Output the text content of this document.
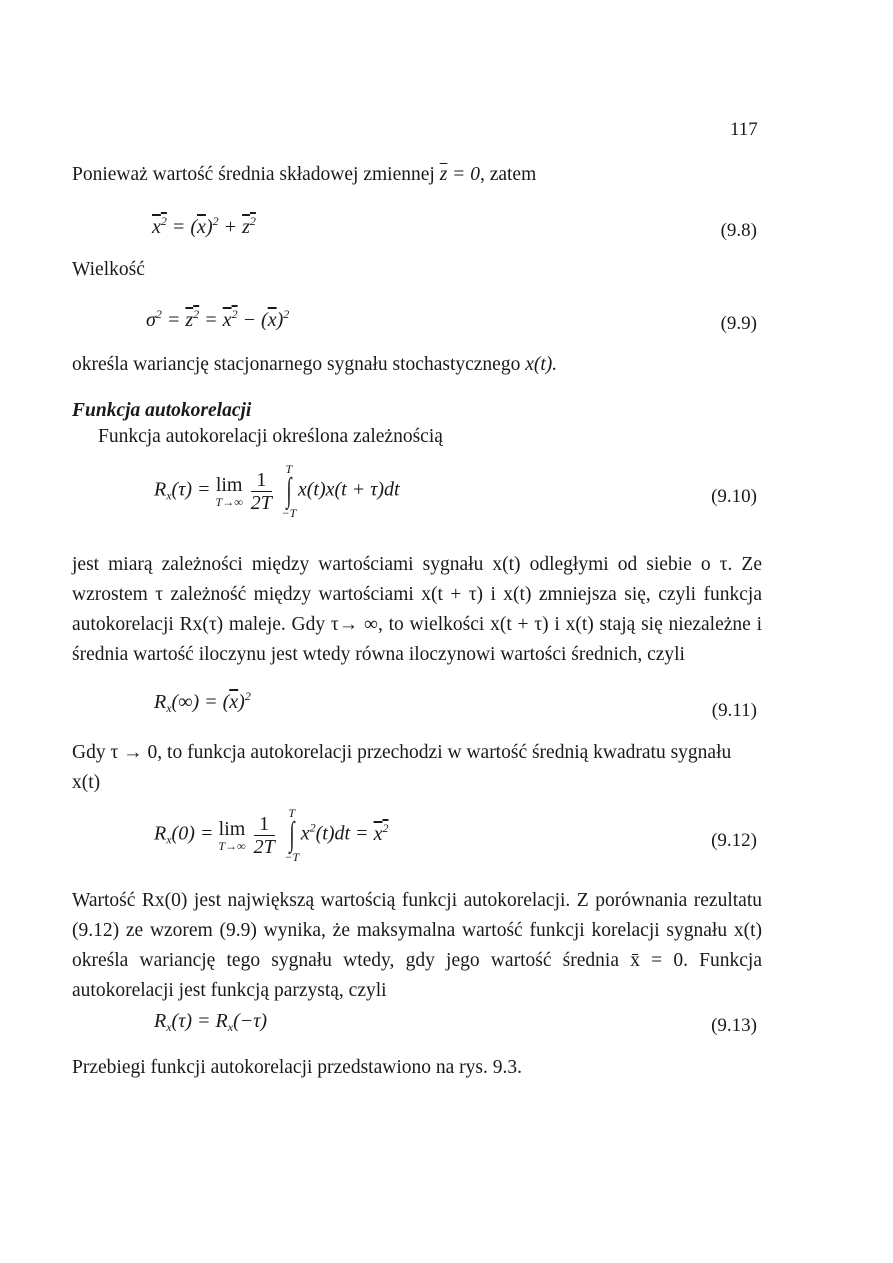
117

Ponieważ wartość średnia składowej zmiennej $\overline{z} = 0$, zatem

$x^2 = (\overline{x})^2 + z^2$	(9.8)

Wielkość

$\sigma^2 = z^2 = x^2 - (\overline{x})^2$	(9.9)

określa wariancję stacjonarnego sygnału stochastycznego x(t).

Funkcja autokorelacji

Funkcja autokorelacji określona zależnością

$R_x(\tau) = \lim$
T→∞
$\frac{1}{2T}$
	T
∫
−T
x(t)x(t + τ)dt	(9.10)

jest miarą zależności między wartościami sygnału x(t) odległymi od siebie o τ. Ze wzrostem τ zależność między wartościami x(t + τ) i x(t) zmniejsza się, czyli funkcja autokorelacji Rx(τ) maleje. Gdy τ→ ∞, to wielkości x(t + τ) i x(t) stają się niezależne i średnia wartość iloczynu jest wtedy równa iloczynowi wartości średnich, czyli

$R_x(\infty) = (\overline{x})^2$
(9.11)

Gdy τ → 0, to funkcja autokorelacji przechodzi w wartość średnią kwadratu sygnału x(t)

$R_x(0) = \lim$
T→∞
$\frac{1}{2T}$
	T
∫
−T
$x^2(t)dt = x^2$
(9.12)

Wartość Rx(0) jest największą wartością funkcji autokorelacji. Z porównania rezultatu (9.12) ze wzorem (9.9) wynika, że maksymalna wartość funkcji korelacji sygnału x(t) określa wariancję tego sygnału wtedy, gdy jego wartość średnia x̄ = 0. Funkcja autokorelacji jest funkcją parzystą, czyli

$R_x(\tau) = R_x(-\tau)$	(9.13)

Przebiegi funkcji autokorelacji przedstawiono na rys. 9.3.
